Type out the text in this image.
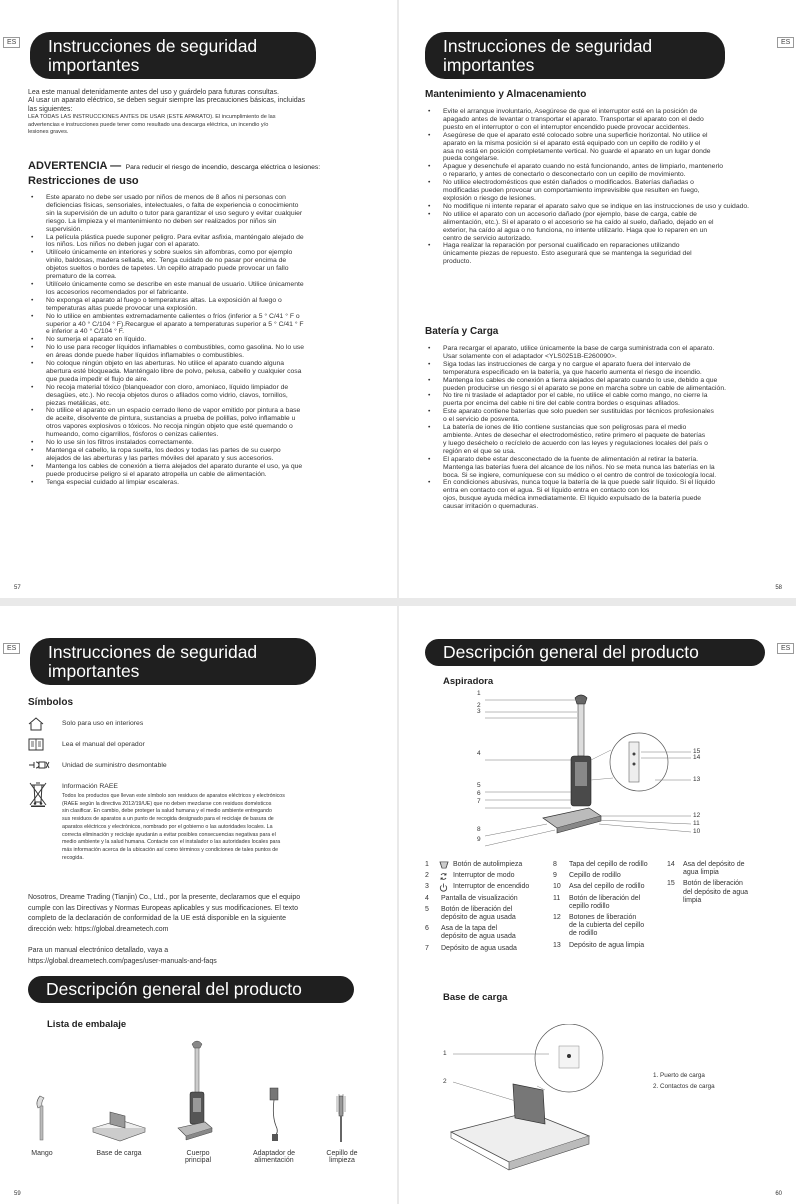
ES Instrucciones de seguridad
importantes
Lea este manual detenidamente antes del uso y guárdelo para futuras consultas.
Al usar un aparato eléctrico, se deben seguir siempre las precauciones básicas, incluidas
las siguientes:
LEA TODAS LAS INSTRUCCIONES ANTES DE USAR (ESTE APARATO). El incumplimiento de las
advertencias e instrucciones puede tener como resultado una descarga eléctrica, un incendio y/o
lesiones graves.
ADVERTENCIA — Para reducir el riesgo de incendio, descarga eléctrica o lesiones:
Restricciones de uso
• Este aparato no debe ser usado por niños de menos de 8 años ni personas con
deficiencias físicas, sensoriales, intelectuales, o falta de experiencia o conocimiento
sin la supervisión de un adulto o tutor para garantizar el uso seguro y evitar cualquier
riesgo. La limpieza y el mantenimiento no deben ser realizados por niños sin
supervisión.
• La película plástica puede suponer peligro. Para evitar asfixia, manténgalo alejado de
los niños. Los niños no deben jugar con el aparato.
• Utilícelo únicamente en interiores y sobre suelos sin alfombras, como por ejemplo
vinilo, baldosas, madera sellada, etc. Tenga cuidado de no pasar por encima de
objetos sueltos o bordes de tapetes. Un cepillo atrapado puede provocar un fallo
prematuro de la correa.
• Utilícelo únicamente como se describe en este manual de usuario. Utilice únicamente
los accesorios recomendados por el fabricante.
• No exponga el aparato al fuego o temperaturas altas. La exposición al fuego o
temperaturas altas puede provocar una explosión.
• No lo utilice en ambientes extremadamente calientes o fríos (inferior a 5 ° C/41 ° F o
superior a 40 ° C/104 ° F).Recargue el aparato a temperaturas superior a 5 ° C/41 ° F
e inferior a 40 ° C/104 ° F.
• No sumerja el aparato en líquido.
• No lo use para recoger líquidos inflamables o combustibles, como gasolina. No lo use
en áreas donde puede haber líquidos inflamables o combustibles.
• No coloque ningún objeto en las aberturas. No utilice el aparato cuando alguna
abertura esté bloqueada. Manténgalo libre de polvo, pelusa, cabello y cualquier cosa
que pueda impedir el flujo de aire.
• No recoja material tóxico (blanqueador con cloro, amoniaco, líquido limpiador de
desagües, etc.). No recoja objetos duros o afilados como vidrio, clavos, tornillos,
piezas metálicas, etc.
• No utilice el aparato en un espacio cerrado lleno de vapor emitido por pintura a base
de aceite, disolvente de pintura, sustancias a prueba de polillas, polvo inflamable u
otros vapores explosivos o tóxicos. No recoja ningún objeto que esté quemando o
humeando, como cigarrillos, fósforos o cenizas calientes.
• No lo use sin los filtros instalados correctamente.
• Mantenga el cabello, la ropa suelta, los dedos y todas las partes de su cuerpo
alejados de las aberturas y las partes móviles del aparato y sus accesorios.
• Mantenga los cables de conexión a tierra alejados del aparato durante el uso, ya que
puede producirse peligro si el aparato atropella un cable de alimentación.
• Tenga especial cuidado al limpiar escaleras.
57
ES
Instrucciones de seguridad
importantes
Mantenimiento y Almacenamiento
• Evite el arranque involuntario, Asegúrese de que el interruptor esté en la posición de
apagado antes de levantar o transportar el aparato. Transportar el aparato con el dedo
puesto en el interruptor o con el interruptor encendido puede provocar accidentes.
• Asegúrese de que el aparato esté colocado sobre una superficie horizontal. No utilice el
aparato en la misma posición si el aparato está equipado con un cepillo de rodillo y el
asa no está en posición completamente vertical. No guarde el aparato en un lugar donde
pueda congelarse.
• Apague y desenchufe el aparato cuando no está funcionando, antes de limpiarlo, mantenerlo
o repararlo, y antes de conectarlo o desconectarlo con un cepillo de movimiento.
• No utilice electrodomésticos que estén dañados o modificados. Baterías dañadas o
modificadas pueden provocar un comportamiento imprevisible que resulten en fuego,
explosión o riesgo de lesiones.
• No modifique ni intente reparar el aparato salvo que se indique en las instrucciones de uso y cuidado.
• No utilice el aparato con un accesorio dañado (por ejemplo, base de carga, cable de
alimentación, etc.). Si el aparato o el accesorio se ha caído al suelo, dañado, dejado en el
exterior, ha caído al agua o no funciona, no intente utilizarlo. Haga que lo reparen en un
centro de servicio autorizado.
• Haga realizar la reparación por personal cualificado en reparaciones utilizando
únicamente piezas de repuesto. Esto asegurará que se mantenga la seguridad del
producto.
Batería y Carga
• Para recargar el aparato, utilice únicamente la base de carga suministrada con el aparato.
Usar solamente con el adaptador <YLS0251B-E260090>.
• Siga todas las instrucciones de carga y no cargue el aparato fuera del intervalo de
temperatura especificado en la batería, ya que hacerlo aumenta el riesgo de incendio.
• Mantenga los cables de conexión a tierra alejados del aparato cuando lo use, debido a que
pueden producirse un riesgo si el aparato se pone en marcha sobre un cable de alimentación.
• No tire ni traslade el adaptador por el cable, no utilice el cable como mango, no cierre la
puerta por encima del cable ni tire del cable contra bordes o esquinas afilados.
• Este aparato contiene baterías que solo pueden ser sustituidas por técnicos profesionales
o el servicio de posventa.
• La batería de iones de litio contiene sustancias que son peligrosas para el medio
ambiente. Antes de desechar el electrodoméstico, retire primero el paquete de baterías
y luego deséchelo o recíclelo de acuerdo con las leyes y regulaciones locales del país o
región en el que se usa.
• El aparato debe estar desconectado de la fuente de alimentación al retirar la batería.
Mantenga las baterías fuera del alcance de los niños. No se meta nunca las baterías en la
boca. Si se ingiere, comuníquese con su médico o el centro de control de toxicología local.
• En condiciones abusivas, nunca toque la batería de la que puede salir líquido. Si el líquido
entra en contacto con el agua. Si el líquido entra en contacto con los
ojos, busque ayuda médica inmediatamente. El líquido expulsado de la batería puede
causar irritación o quemaduras.
58
ES Instrucciones de seguridad
importantes
Símbolos
Solo para uso en interiores
Lea el manual del operador
Unidad de suministro desmontable
Información RAEE
Todos los productos que llevan este símbolo son residuos de aparatos eléctricos y electrónicos
(RAEE según la directiva 2012/19/UE) que no deben mezclarse con residuos domésticos
sin clasificar. En cambio, debe proteger la salud humana y el medio ambiente entregando
sus residuos de aparatos a un punto de recogida designado para el reciclaje de basura de
aparatos eléctricos y electrónicos, nombrado por el gobierno o las autoridades locales. La
correcta eliminación y reciclaje ayudarán a evitar posibles consecuencias negativas para el
medio ambiente y la salud humana. Contacte con el instalador o las autoridades locales para
más información acerca de la ubicación así como términos y condiciones de tales puntos de
recogida.
Nosotros, Dreame Trading (Tianjin) Co., Ltd., por la presente, declaramos que el equipo
cumple con las Directivas y Normas Europeas aplicables y sus modificaciones. El texto
completo de la declaración de conformidad de la UE está disponible en la siguiente
dirección web: https://global.dreametech.com
Para un manual electrónico detallado, vaya a
https://global.dreametech.com/pages/user-manuals-and-faqs
Descripción general del producto
Lista de embalaje
Mango	Base de carga	Cuerpo
principal
Adaptador de
alimentación
Cepillo de
limpieza
59
ES
Descripción general del producto
Aspiradora
1	Botón de autolimpieza
2	Interruptor de modo
3	Interruptor de encendido
4 Pantalla de visualización
5 Botón de liberación del
depósito de agua usada
6 Asa de la tapa del
depósito de agua usada
7 Depósito de agua usada
8 Tapa del cepillo de rodillo
9 Cepillo de rodillo
10 Asa del cepillo de rodillo
11 Botón de liberación del
cepillo rodillo
12 Botones de liberación
de la cubierta del cepillo
de rodillo
13 Depósito de agua limpia
14 Asa del depósito de
agua limpia
15 Botón de liberación
del depósito de agua
limpia
Base de carga
1
2
1. Puerto de carga
2. Contactos de carga
60
1
2
3
4
5
6
7
8
9
15
14
13
12
11
10
